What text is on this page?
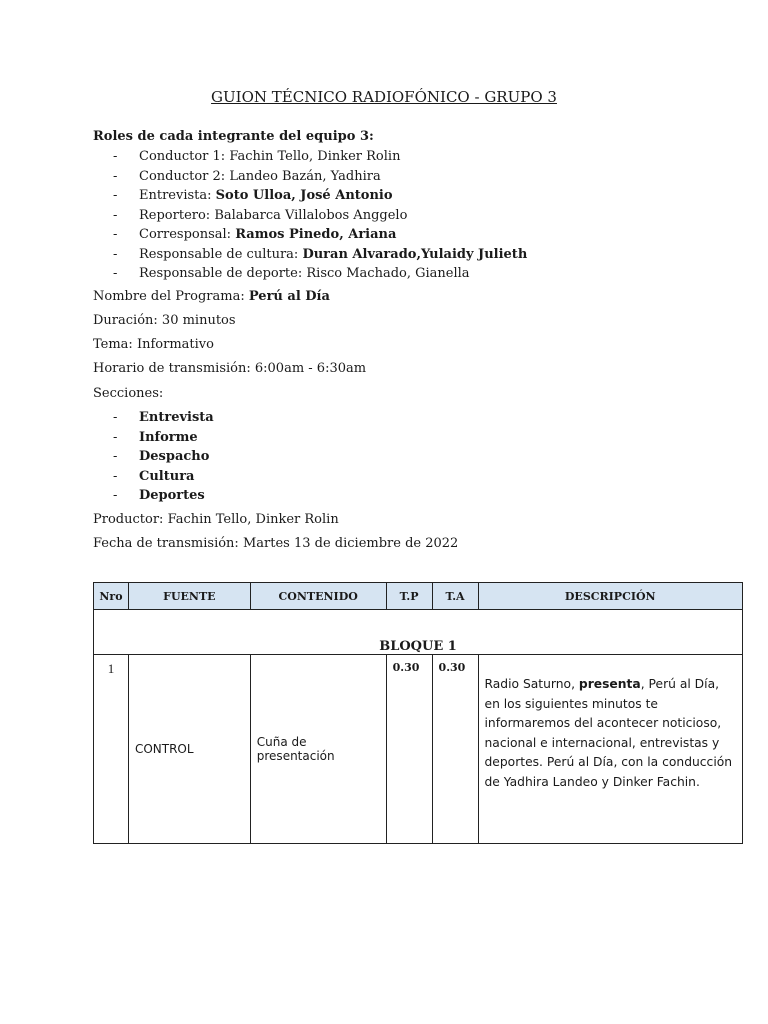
GUION TÉCNICO RADIOFÓNICO - GRUPO 3
Roles de cada integrante del equipo 3:
- Conductor 1: Fachin Tello, Dinker Rolin
- Conductor 2: Landeo Bazán, Yadhira
- Entrevista: Soto Ulloa, José Antonio
- Reportero: Balabarca Villalobos Anggelo
- Corresponsal: Ramos Pinedo, Ariana
- Responsable de cultura: Duran Alvarado,Yulaidy Julieth
- Responsable de deporte: Risco Machado, Gianella
Nombre del Programa: Perú al Día
Duración: 30 minutos
Tema: Informativo
Horario de transmisión: 6:00am - 6:30am
Secciones:
- Entrevista
- Informe
- Despacho
- Cultura
- Deportes
Productor: Fachin Tello, Dinker Rolin
Fecha de transmisión: Martes 13 de diciembre de 2022
Nro	FUENTE	CONTENIDO	T.P	T.A	DESCRIPCIÓN
BLOQUE 1					
1	CONTROL	Cuña de presentación	0.30	0.30	Radio Saturno, presenta, Perú al Día, en los siguientes minutos te informaremos del acontecer noticioso, nacional e internacional, entrevistas y deportes. Perú al Día, con la conducción de Yadhira Landeo y Dinker Fachin.
